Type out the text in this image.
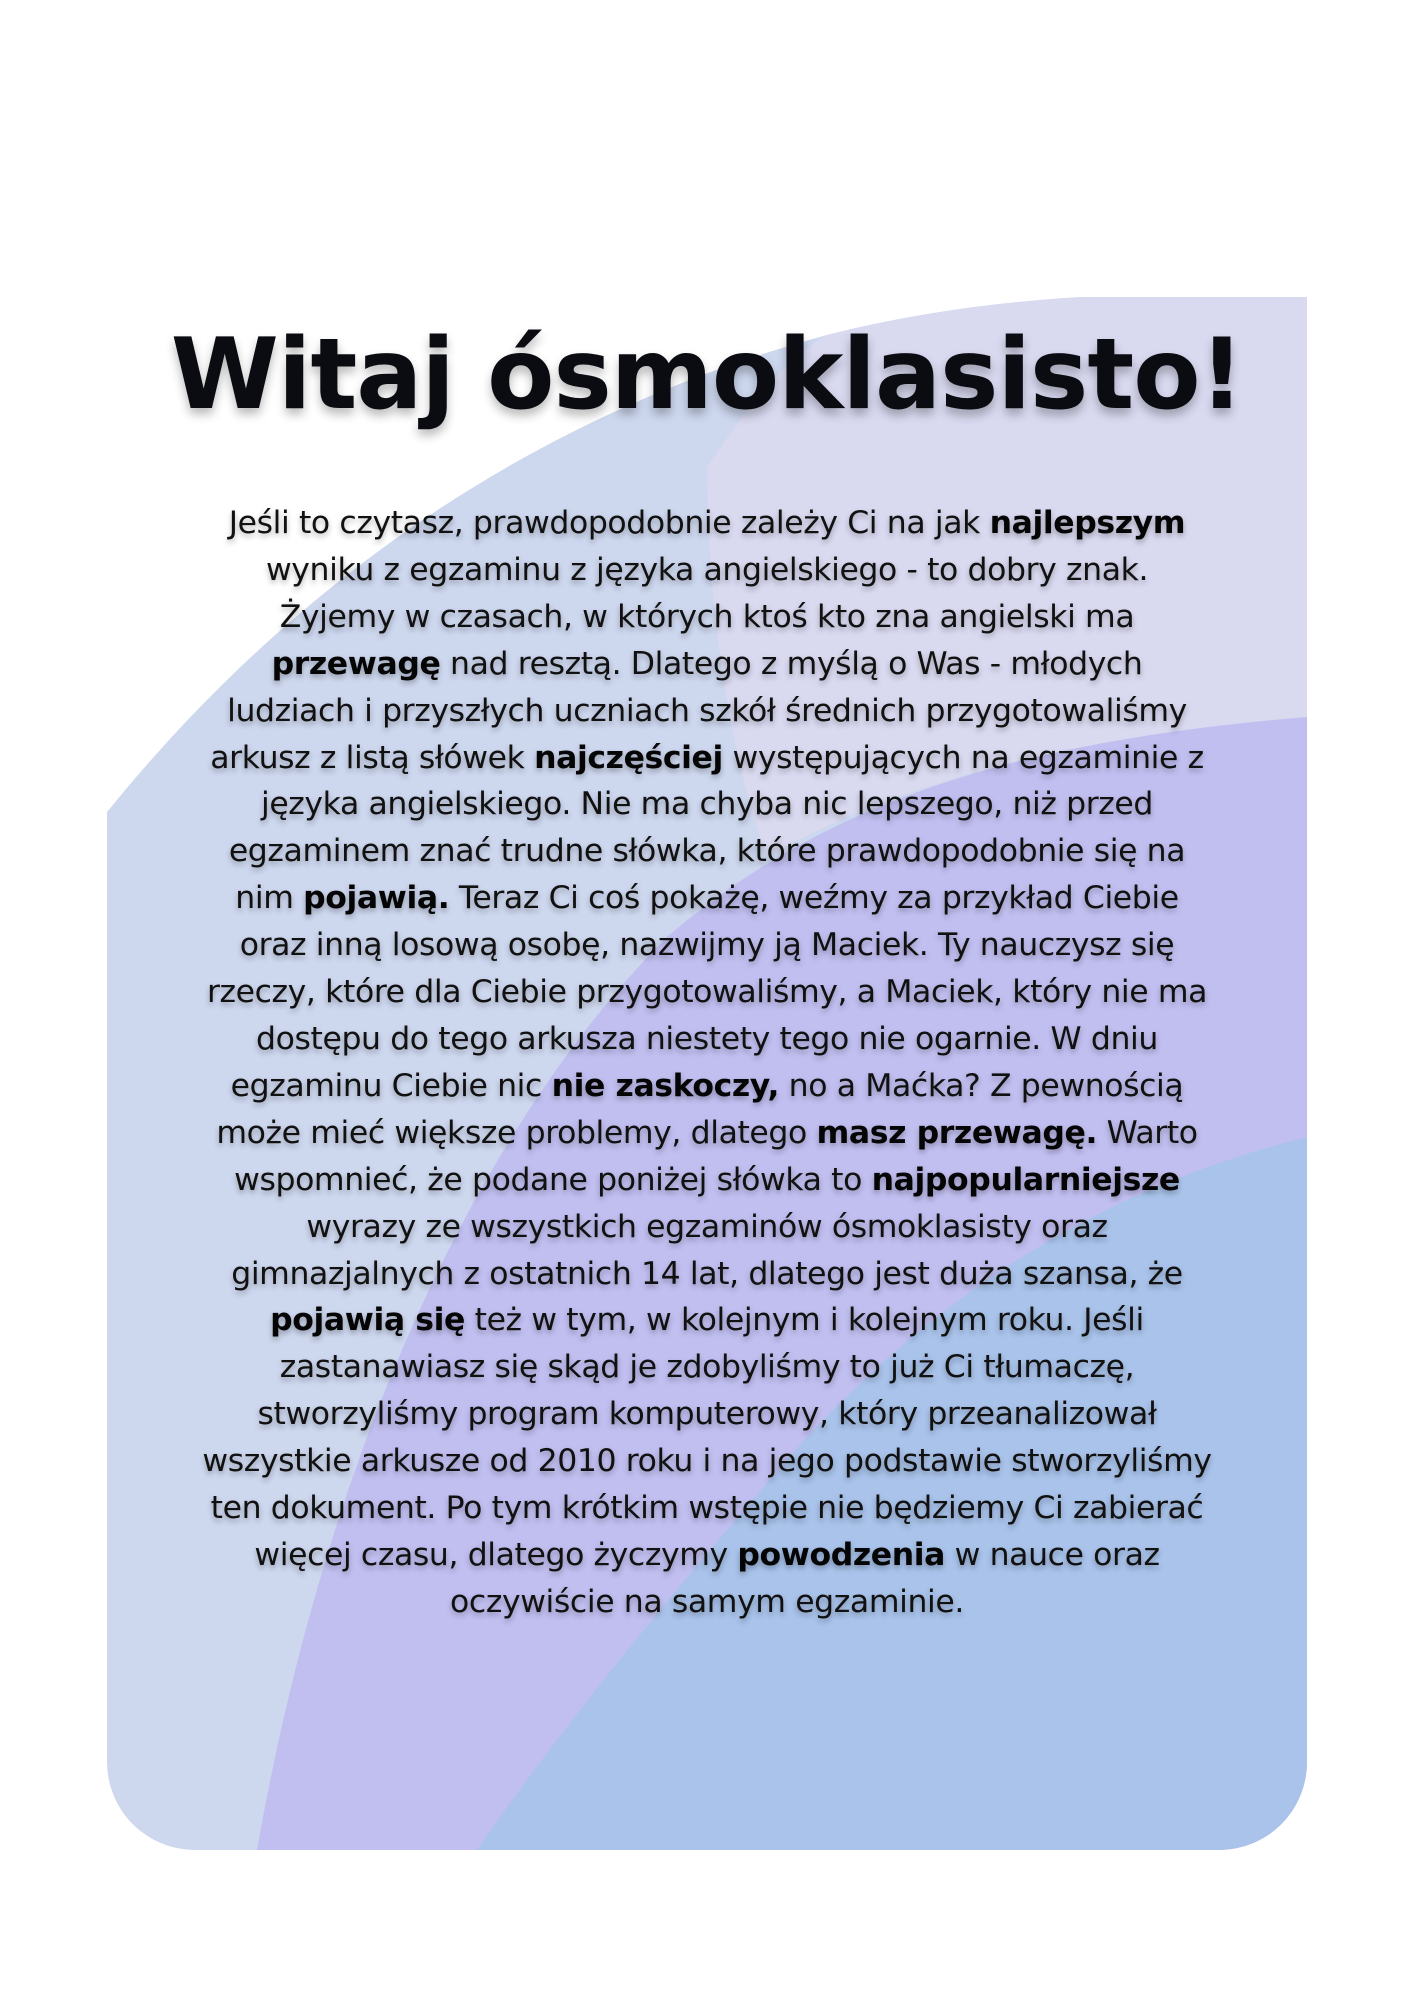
Witaj ósmoklasisto!
Jeśli to czytasz, prawdopodobnie zależy Ci na jak najlepszym
wyniku z egzaminu z języka angielskiego - to dobry znak.
Żyjemy w czasach, w których ktoś kto zna angielski ma
przewagę nad resztą. Dlatego z myślą o Was - młodych
ludziach i przyszłych uczniach szkół średnich przygotowaliśmy
arkusz z listą słówek najczęściej występujących na egzaminie z
języka angielskiego. Nie ma chyba nic lepszego, niż przed
egzaminem znać trudne słówka, które prawdopodobnie się na
nim pojawią. Teraz Ci coś pokażę, weźmy za przykład Ciebie
oraz inną losową osobę, nazwijmy ją Maciek. Ty nauczysz się
rzeczy, które dla Ciebie przygotowaliśmy, a Maciek, który nie ma
dostępu do tego arkusza niestety tego nie ogarnie. W dniu
egzaminu Ciebie nic nie zaskoczy, no a Maćka? Z pewnością
może mieć większe problemy, dlatego masz przewagę. Warto
wspomnieć, że podane poniżej słówka to najpopularniejsze
wyrazy ze wszystkich egzaminów ósmoklasisty oraz
gimnazjalnych z ostatnich 14 lat, dlatego jest duża szansa, że
pojawią się też w tym, w kolejnym i kolejnym roku. Jeśli
zastanawiasz się skąd je zdobyliśmy to już Ci tłumaczę,
stworzyliśmy program komputerowy, który przeanalizował
wszystkie arkusze od 2010 roku i na jego podstawie stworzyliśmy
ten dokument. Po tym krótkim wstępie nie będziemy Ci zabierać
więcej czasu, dlatego życzymy powodzenia w nauce oraz
oczywiście na samym egzaminie.
